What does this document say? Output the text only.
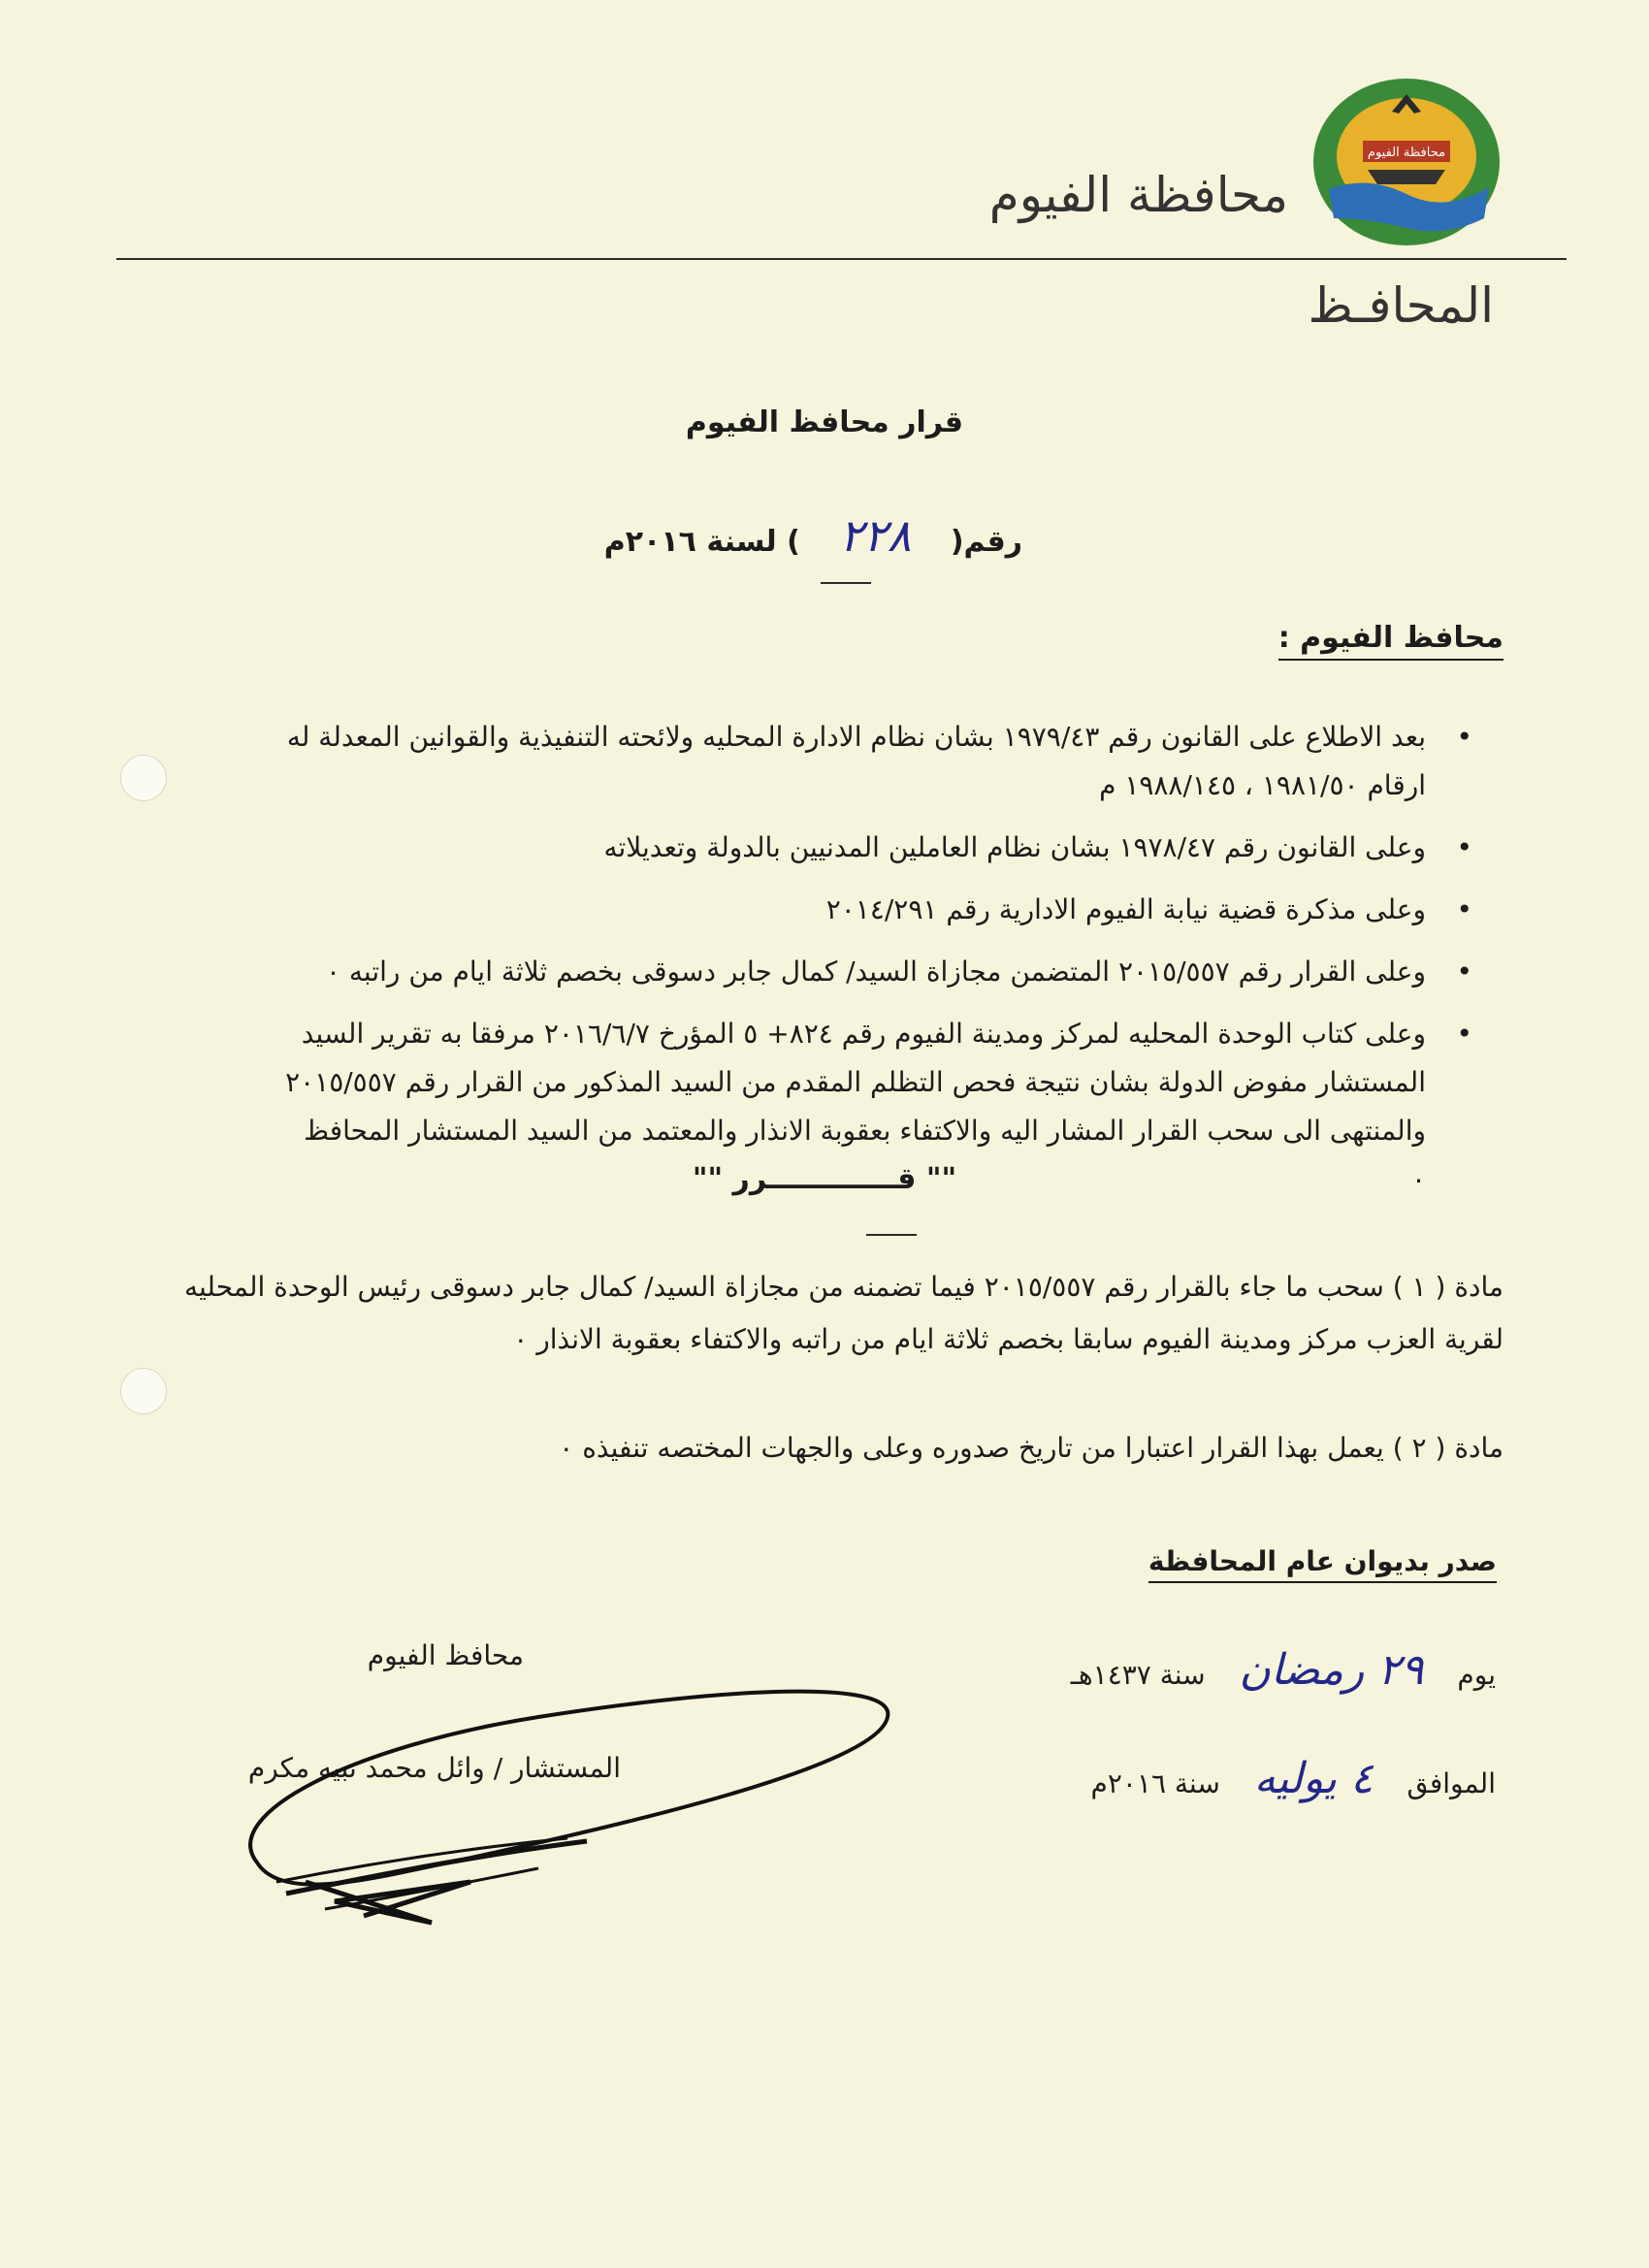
محافظة الفيوم
محافظة الفيوم
المحافـظ
قرار محافظ الفيوم
رقم( ٢٢٨ ) لسنة ٢٠١٦م
محافظ الفيوم :
• بعد الاطلاع على القانون رقم ١٩٧٩/٤٣ بشان نظام الادارة المحليه ولائحته التنفيذية والقوانين المعدلة له ارقام ١٩٨١/٥٠ ، ١٩٨٨/١٤٥ م
• وعلى القانون رقم ١٩٧٨/٤٧ بشان نظام العاملين المدنيين بالدولة وتعديلاته
• وعلى مذكرة قضية نيابة الفيوم الادارية رقم ٢٠١٤/٢٩١
• وعلى القرار رقم ٢٠١٥/٥٥٧ المتضمن مجازاة السيد/ كمال جابر دسوقى بخصم ثلاثة ايام من راتبه ٠
• وعلى كتاب الوحدة المحليه لمركز ومدينة الفيوم رقم ٨٢٤+ ٥ المؤرخ ٢٠١٦/٦/٧ مرفقا به تقرير السيد المستشار مفوض الدولة بشان نتيجة فحص التظلم المقدم من السيد المذكور من القرار رقم ٢٠١٥/٥٥٧ والمنتهى الى سحب القرار المشار اليه والاكتفاء بعقوبة الانذار والمعتمد من السيد المستشار المحافظ ٠
"" قـــــــــــــرر ""
مادة ( ١ ) سحب ما جاء بالقرار رقم ٢٠١٥/٥٥٧ فيما تضمنه من مجازاة السيد/ كمال جابر دسوقى رئيس الوحدة المحليه لقرية العزب مركز ومدينة الفيوم سابقا بخصم ثلاثة ايام من راتبه والاكتفاء بعقوبة الانذار ٠
مادة ( ٢ ) يعمل بهذا القرار اعتبارا من تاريخ صدوره وعلى والجهات المختصه تنفيذه ٠
صدر بديوان عام المحافظة
يوم ٢٩ رمضان سنة ١٤٣٧هـ
الموافق ٤ يوليه سنة ٢٠١٦م
محافظ الفيوم
المستشار / وائل محمد نبيه مكرم
